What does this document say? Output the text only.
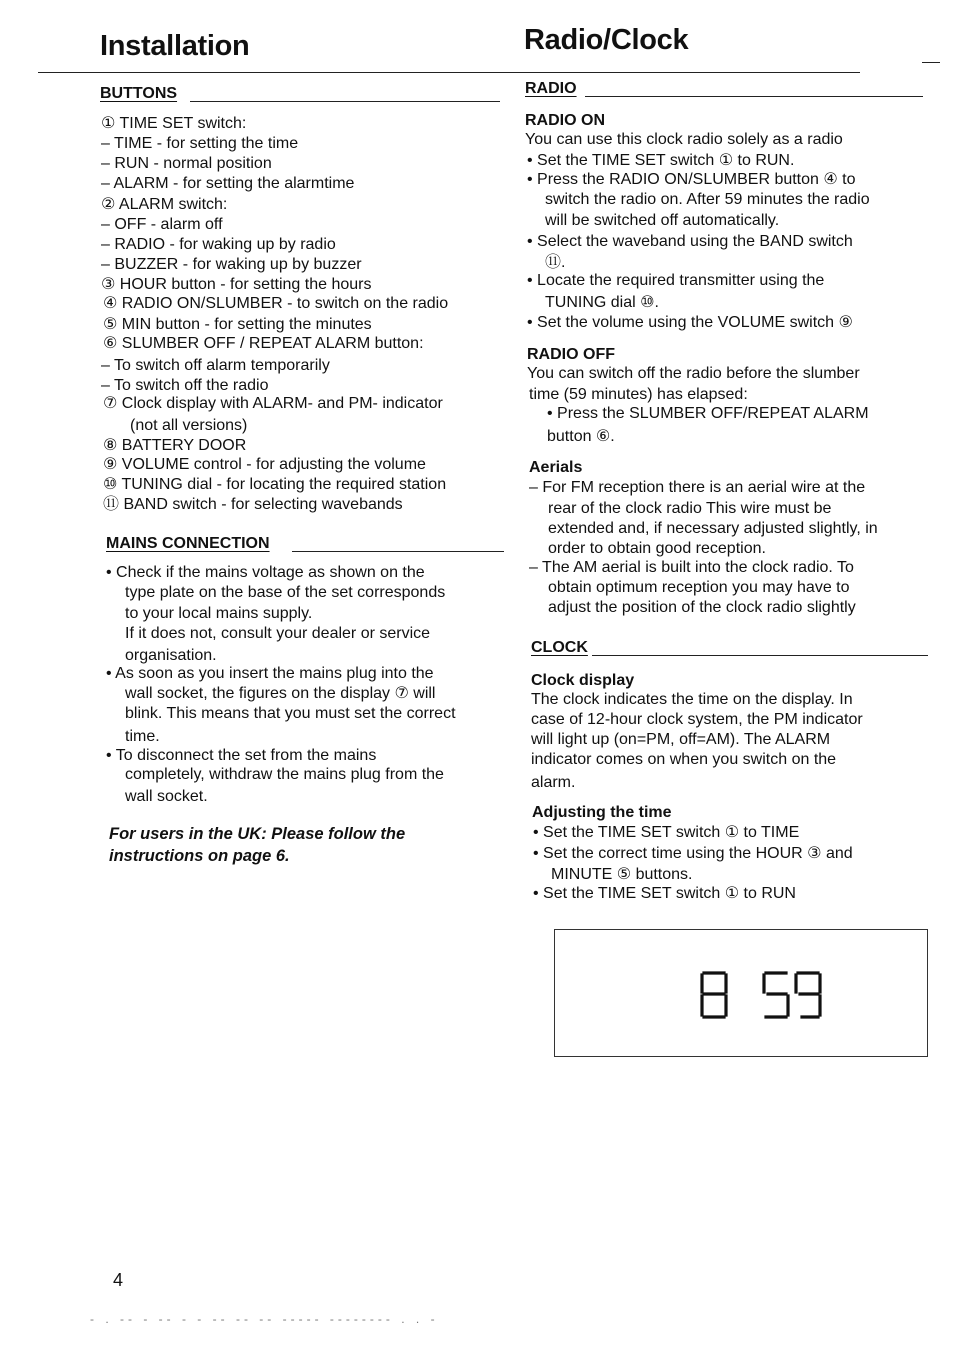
Installation	Radio/Clock
BUTTONS
① TIME SET switch:
– TIME - for setting the time
– RUN - normal position
– ALARM - for setting the alarmtime
② ALARM switch:
– OFF - alarm off
– RADIO - for waking up by radio
– BUZZER - for waking up by buzzer
③ HOUR button - for setting the hours
④ RADIO ON/SLUMBER - to switch on the radio
⑤ MIN button - for setting the minutes
⑥ SLUMBER OFF / REPEAT ALARM button:
– To switch off alarm temporarily
– To switch off the radio
⑦ Clock display with ALARM- and PM- indicator
(not all versions)
⑧ BATTERY DOOR
⑨ VOLUME control - for adjusting the volume
⑩ TUNING dial - for locating the required station
⑪ BAND switch - for selecting wavebands
MAINS CONNECTION
• Check if the mains voltage as shown on the
type plate on the base of the set corresponds
to your local mains supply.
If it does not, consult your dealer or service
organisation.
• As soon as you insert the mains plug into the
wall socket, the figures on the display ⑦ will
blink. This means that you must set the correct
time.
• To disconnect the set from the mains
completely, withdraw the mains plug from the
wall socket.
For users in the UK: Please follow the
instructions on page 6.
RADIO
RADIO ON
You can use this clock radio solely as a radio
• Set the TIME SET switch ① to RUN.
• Press the RADIO ON/SLUMBER button ④ to
switch the radio on. After 59 minutes the radio
will be switched off automatically.
• Select the waveband using the BAND switch
⑪.
• Locate the required transmitter using the
TUNING dial ⑩.
• Set the volume using the VOLUME switch ⑨
RADIO OFF
You can switch off the radio before the slumber
time (59 minutes) has elapsed:
• Press the SLUMBER OFF/REPEAT ALARM
button ⑥.
Aerials
– For FM reception there is an aerial wire at the
rear of the clock radio This wire must be
extended and, if necessary adjusted slightly, in
order to obtain good reception.
– The AM aerial is built into the clock radio. To
obtain optimum reception you may have to
adjust the position of the clock radio slightly
CLOCK
Clock display
The clock indicates the time on the display. In
case of 12-hour clock system, the PM indicator
will light up (on=PM, off=AM). The ALARM
indicator comes on when you switch on the
alarm.
Adjusting the time
• Set the TIME SET switch ① to TIME
• Set the correct time using the HOUR ③ and
MINUTE ⑤ buttons.
• Set the TIME SET switch ① to RUN
4
- . -- - -- - - -- -- -- ----- -------- . . -
